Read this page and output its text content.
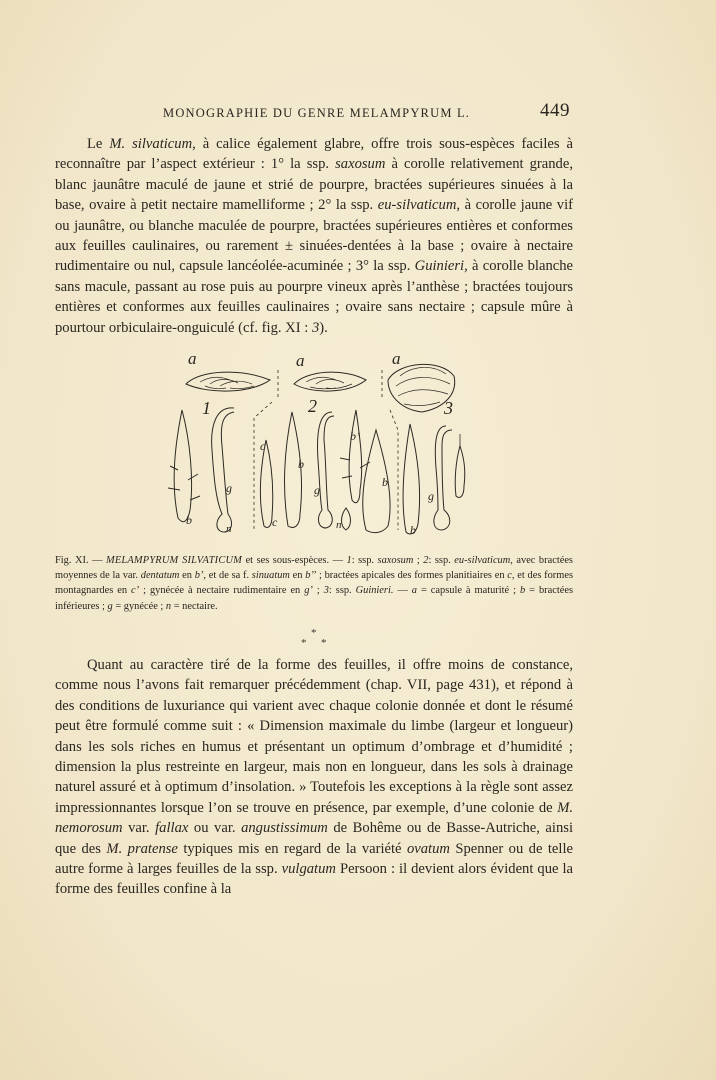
MONOGRAPHIE DU GENRE MELAMPYRUM L.	449

Le M. silvaticum, à calice également glabre, offre trois sous-espèces faciles à reconnaître par l’aspect extérieur : 1° la ssp. saxosum à corolle relativement grande, blanc jaunâtre maculé de jaune et strié de pourpre, bractées supérieures sinuées à la base, ovaire à petit nectaire mamelliforme ; 2° la ssp. eu-silvaticum, à corolle jaune vif ou jaunâtre, ou blanche maculée de pourpre, bractées supérieures entières et conformes aux feuilles caulinaires, ou rarement ± sinuées-dentées à la base ; ovaire à nectaire rudimentaire ou nul, capsule lancéolée-acuminée ; 3° la ssp. Guinieri, à corolle blanche sans macule, passant au rose puis au pourpre vineux après l’anthèse ; bractées toujours entières et conformes aux feuilles caulinaires ; ovaire sans nectaire ; capsule mûre à pourtour orbiculaire-onguiculé (cf. fig. XI : 3).

a	a	a
1	2	3
b
b
b’
b
b
c
c
g	g	g
n	n

Fig. XI. — MELAMPYRUM SILVATICUM et ses sous-espèces. — 1: ssp. saxosum ; 2: ssp. eu-silvaticum, avec bractées moyennes de la var. dentatum en b’, et de sa f. sinuatum en b’’ ; bractées apicales des formes planitiaires en c, et des formes montagnardes en c’ ; gynécée à nectaire rudimentaire en g’ ; 3: ssp. Guinieri. — a = capsule à maturité ; b = bractées inférieures ; g = gynécée ; n = nectaire.

*
* *

Quant au caractère tiré de la forme des feuilles, il offre moins de constance, comme nous l’avons fait remarquer précédemment (chap. VII, page 431), et répond à des conditions de luxuriance qui varient avec chaque colonie donnée et dont le résumé peut être formulé comme suit : « Dimension maximale du limbe (largeur et longueur) dans les sols riches en humus et présentant un optimum d’ombrage et d’humidité ; dimension la plus restreinte en largeur, mais non en longueur, dans les sols à drainage naturel assuré et à optimum d’insolation. » Toutefois les exceptions à la règle sont assez impressionnantes lorsque l’on se trouve en présence, par exemple, d’une colonie de M. nemorosum var. fallax ou var. angustissimum de Bohême ou de Basse-Autriche, ainsi que des M. pratense typiques mis en regard de la variété ovatum Spenner ou de telle autre forme à larges feuilles de la ssp. vulgatum Persoon : il devient alors évident que la forme des feuilles confine à la
